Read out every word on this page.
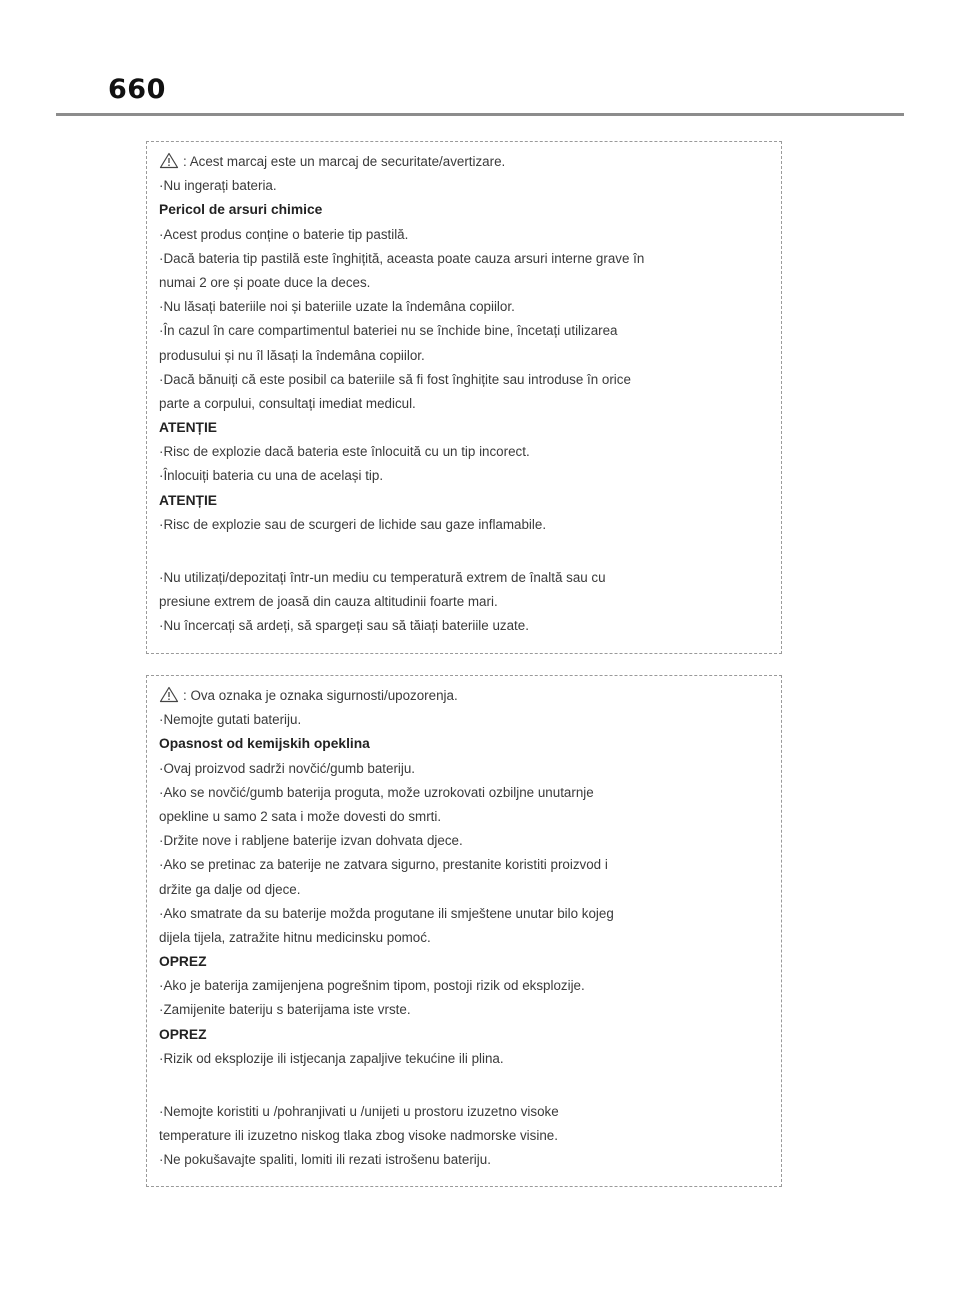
660
: Acest marcaj este un marcaj de securitate/avertizare.
·Nu ingerați bateria.
Pericol de arsuri chimice
·Acest produs conține o baterie tip pastilă.
·Dacă bateria tip pastilă este înghițită, aceasta poate cauza arsuri interne grave în
numai 2 ore și poate duce la deces.
·Nu lăsați bateriile noi și bateriile uzate la îndemâna copiilor.
·În cazul în care compartimentul bateriei nu se închide bine, încetați utilizarea
produsului și nu îl lăsați la îndemâna copiilor.
·Dacă bănuiți că este posibil ca bateriile să fi fost înghițite sau introduse în orice
parte a corpului, consultați imediat medicul.
ATENȚIE
·Risc de explozie dacă bateria este înlocuită cu un tip incorect.
·Înlocuiți bateria cu una de același tip.
ATENȚIE
·Risc de explozie sau de scurgeri de lichide sau gaze inflamabile.
·Nu utilizați/depozitați într-un mediu cu temperatură extrem de înaltă sau cu
presiune extrem de joasă din cauza altitudinii foarte mari.
·Nu încercați să ardeți, să spargeți sau să tăiați bateriile uzate.
: Ova oznaka je oznaka sigurnosti/upozorenja.
·Nemojte gutati bateriju.
Opasnost od kemijskih opeklina
·Ovaj proizvod sadrži novčić/gumb bateriju.
·Ako se novčić/gumb baterija proguta, može uzrokovati ozbiljne unutarnje
opekline u samo 2 sata i može dovesti do smrti.
·Držite nove i rabljene baterije izvan dohvata djece.
·Ako se pretinac za baterije ne zatvara sigurno, prestanite koristiti proizvod i
držite ga dalje od djece.
·Ako smatrate da su baterije možda progutane ili smještene unutar bilo kojeg
dijela tijela, zatražite hitnu medicinsku pomoć.
OPREZ
·Ako je baterija zamijenjena pogrešnim tipom, postoji rizik od eksplozije.
·Zamijenite bateriju s baterijama iste vrste.
OPREZ
·Rizik od eksplozije ili istjecanja zapaljive tekućine ili plina.
·Nemojte koristiti u /pohranjivati u /unijeti u prostoru izuzetno visoke
temperature ili izuzetno niskog tlaka zbog visoke nadmorske visine.
·Ne pokušavajte spaliti, lomiti ili rezati istrošenu bateriju.
